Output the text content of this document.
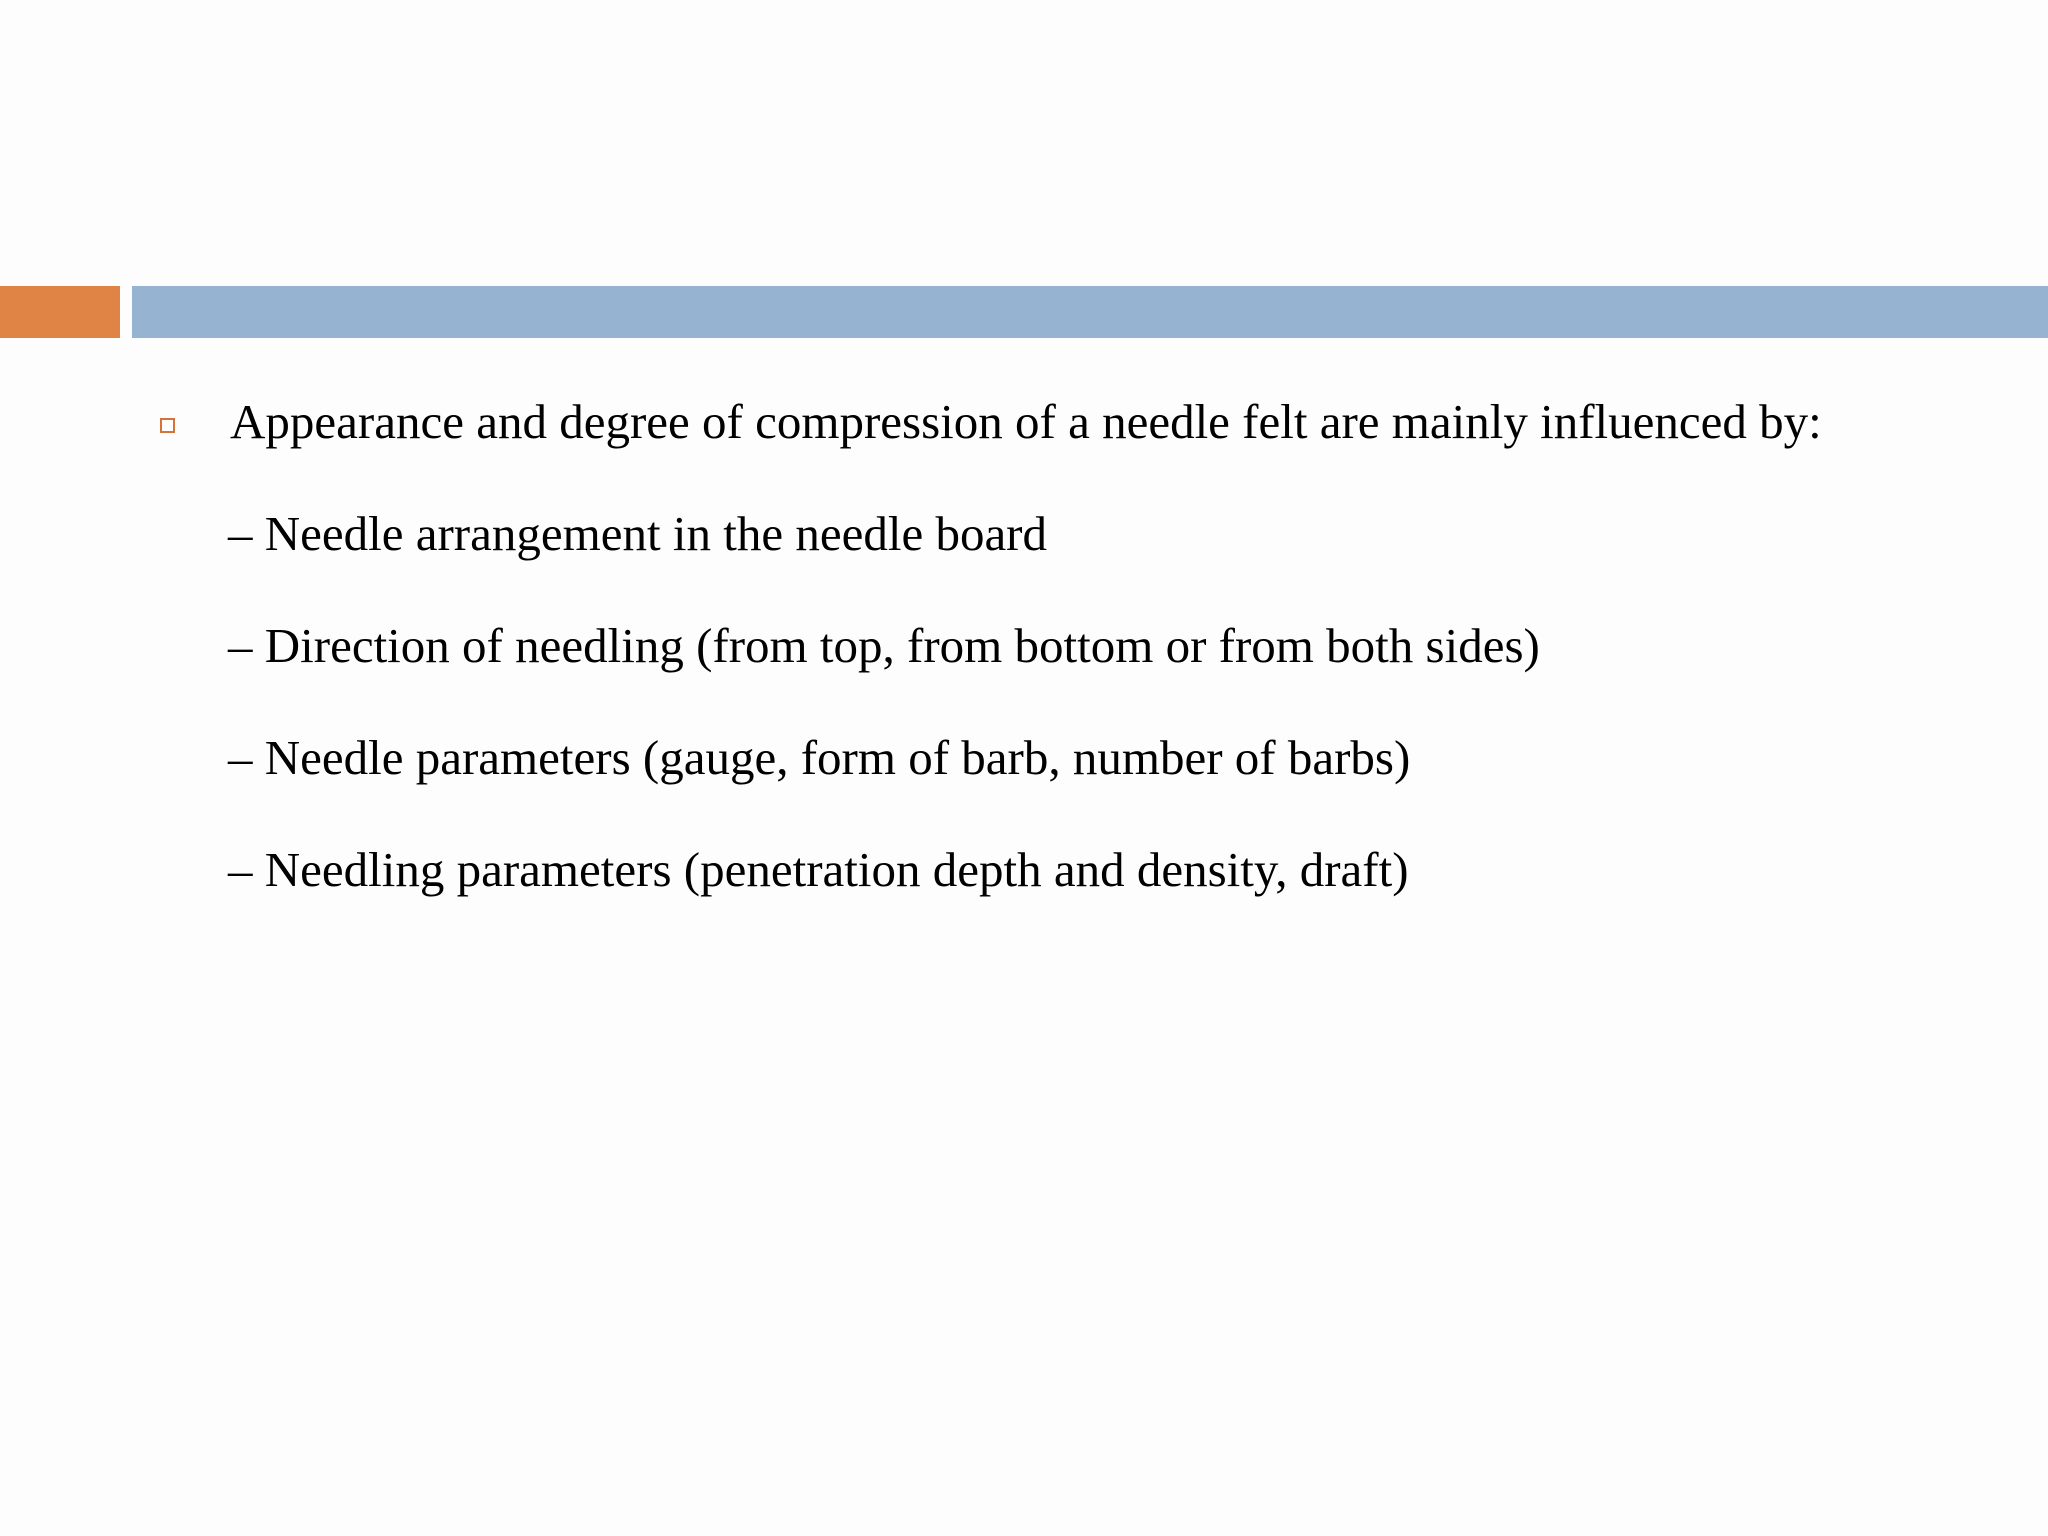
Appearance and degree of compression of a needle felt are mainly influenced by:
– Needle arrangement in the needle board
– Direction of needling (from top, from bottom or from both sides)
– Needle parameters (gauge, form of barb, number of barbs)
– Needling parameters (penetration depth and density, draft)
